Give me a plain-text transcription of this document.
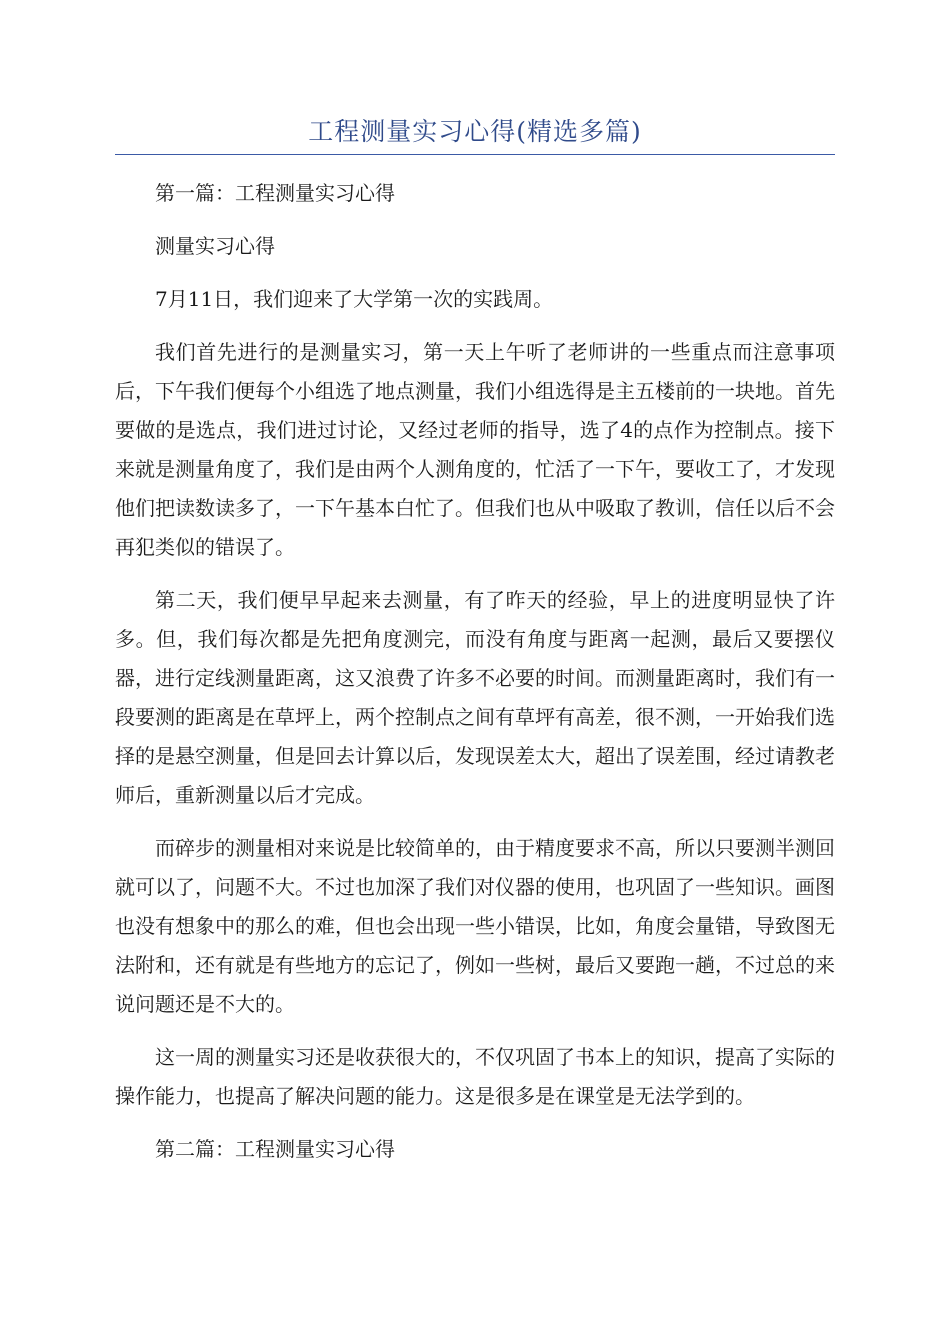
工程测量实习心得(精选多篇)

第一篇：工程测量实习心得

测量实习心得

7月11日，我们迎来了大学第一次的实践周。

我们首先进行的是测量实习，第一天上午听了老师讲的一些重点而注意事项后，下午我们便每个小组选了地点测量，我们小组选得是主五楼前的一块地。首先要做的是选点，我们进过讨论，又经过老师的指导，选了4的点作为控制点。接下来就是测量角度了，我们是由两个人测角度的，忙活了一下午，要收工了，才发现他们把读数读多了，一下午基本白忙了。但我们也从中吸取了教训，信任以后不会再犯类似的错误了。

第二天，我们便早早起来去测量，有了昨天的经验，早上的进度明显快了许多。但，我们每次都是先把角度测完，而没有角度与距离一起测，最后又要摆仪器，进行定线测量距离，这又浪费了许多不必要的时间。而测量距离时，我们有一段要测的距离是在草坪上，两个控制点之间有草坪有高差，很不测，一开始我们选择的是悬空测量，但是回去计算以后，发现误差太大，超出了误差围，经过请教老师后，重新测量以后才完成。

而碎步的测量相对来说是比较简单的，由于精度要求不高，所以只要测半测回就可以了，问题不大。不过也加深了我们对仪器的使用，也巩固了一些知识。画图也没有想象中的那么的难，但也会出现一些小错误，比如，角度会量错，导致图无法附和，还有就是有些地方的忘记了，例如一些树，最后又要跑一趟，不过总的来说问题还是不大的。

这一周的测量实习还是收获很大的，不仅巩固了书本上的知识，提高了实际的操作能力，也提高了解决问题的能力。这是很多是在课堂是无法学到的。

第二篇：工程测量实习心得
